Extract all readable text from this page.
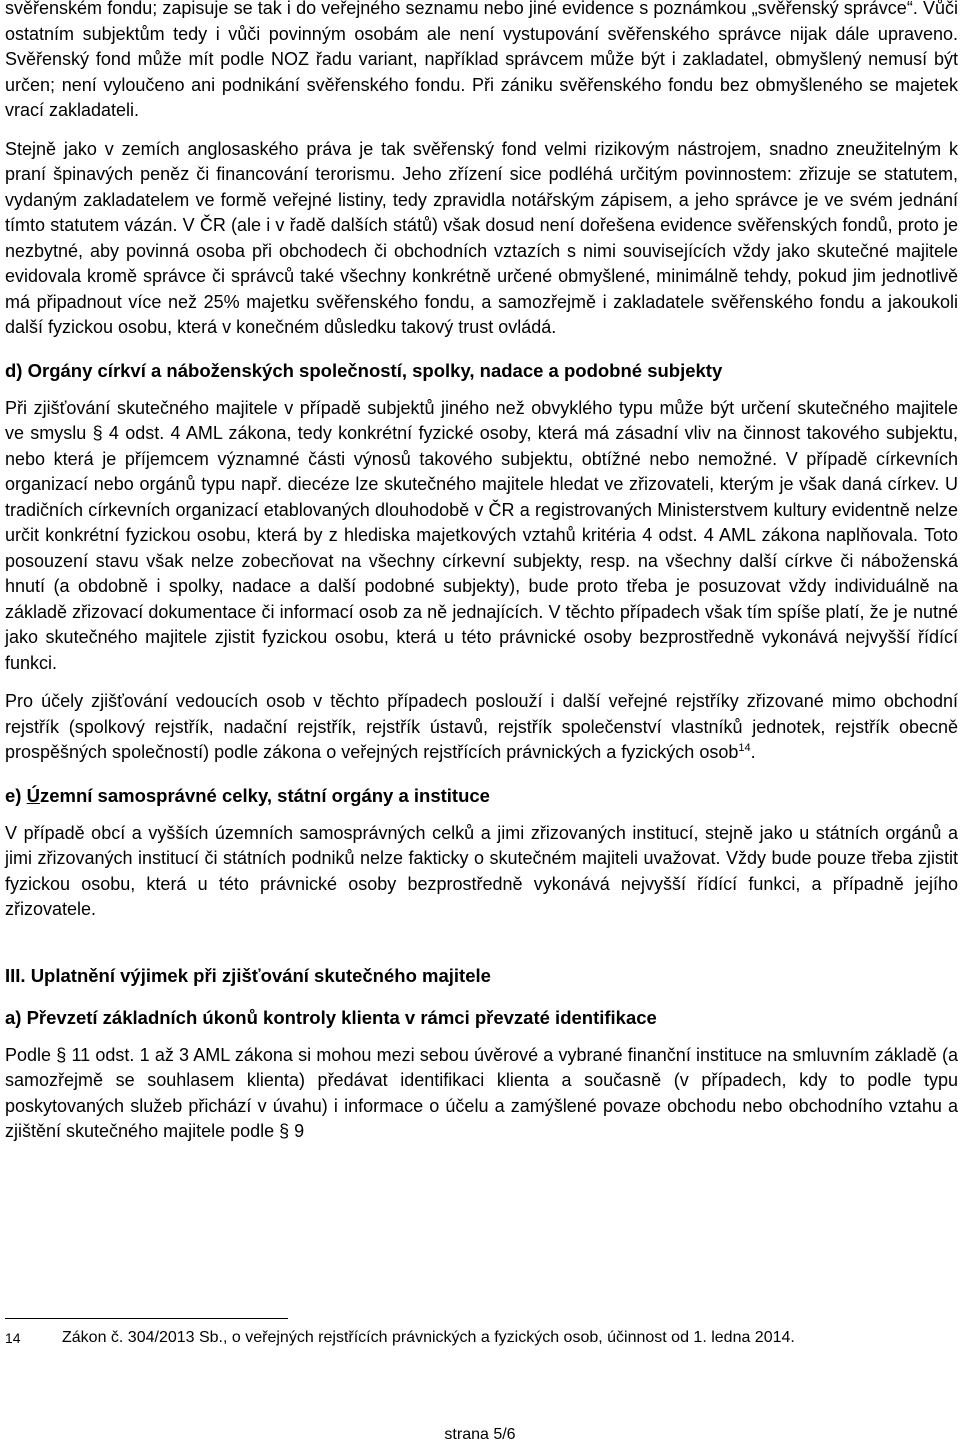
svěřenském fondu; zapisuje se tak i do veřejného seznamu nebo jiné evidence s poznámkou „svěřenský správce“. Vůči ostatním subjektům tedy i vůči povinným osobám ale není vystupování svěřenského správce nijak dále upraveno. Svěřenský fond může mít podle NOZ řadu variant, například správcem může být i zakladatel, obmyšlený nemusí být určen; není vyloučeno ani podnikání svěřenského fondu. Při zániku svěřenského fondu bez obmyšleného se majetek vrací zakladateli.

Stejně jako v zemích anglosaského práva je tak svěřenský fond velmi rizikovým nástrojem, snadno zneužitelným k praní špinavých peněz či financování terorismu. Jeho zřízení sice podléhá určitým povinnostem: zřizuje se statutem, vydaným zakladatelem ve formě veřejné listiny, tedy zpravidla notářským zápisem, a jeho správce je ve svém jednání tímto statutem vázán. V ČR (ale i v řadě dalších států) však dosud není dořešena evidence svěřenských fondů, proto je nezbytné, aby povinná osoba při obchodech či obchodních vztazích s nimi souvisejících vždy jako skutečné majitele evidovala kromě správce či správců také všechny konkrétně určené obmyšlené, minimálně tehdy, pokud jim jednotlivě má připadnout více než 25% majetku svěřenského fondu, a samozřejmě i zakladatele svěřenského fondu a jakoukoli další fyzickou osobu, která v konečném důsledku takový trust ovládá.

d) Orgány církví a náboženských společností, spolky, nadace a podobné subjekty

Při zjišťování skutečného majitele v případě subjektů jiného než obvyklého typu může být určení skutečného majitele ve smyslu § 4 odst. 4 AML zákona, tedy konkrétní fyzické osoby, která má zásadní vliv na činnost takového subjektu, nebo která je příjemcem významné části výnosů takového subjektu, obtížné nebo nemožné. V případě církevních organizací nebo orgánů typu např. diecéze lze skutečného majitele hledat ve zřizovateli, kterým je však daná církev. U tradičních církevních organizací etablovaných dlouhodobě v ČR a registrovaných Ministerstvem kultury evidentně nelze určit konkrétní fyzickou osobu, která by z hlediska majetkových vztahů kritéria 4 odst. 4 AML zákona naplňovala. Toto posouzení stavu však nelze zobecňovat na všechny církevní subjekty, resp. na všechny další církve či náboženská hnutí (a obdobně i spolky, nadace a další podobné subjekty), bude proto třeba je posuzovat vždy individuálně na základě zřizovací dokumentace či informací osob za ně jednajících. V těchto případech však tím spíše platí, že je nutné jako skutečného majitele zjistit fyzickou osobu, která u této právnické osoby bezprostředně vykonává nejvyšší řídící funkci.

Pro účely zjišťování vedoucích osob v těchto případech poslouží i další veřejné rejstříky zřizované mimo obchodní rejstřík (spolkový rejstřík, nadační rejstřík, rejstřík ústavů, rejstřík společenství vlastníků jednotek, rejstřík obecně prospěšných společností) podle zákona o veřejných rejstřících právnických a fyzických osob$^{14}$.

e) Územní samosprávné celky, státní orgány a instituce

V případě obcí a vyšších územních samosprávných celků a jimi zřizovaných institucí, stejně jako u státních orgánů a jimi zřizovaných institucí či státních podniků nelze fakticky o skutečném majiteli uvažovat. Vždy bude pouze třeba zjistit fyzickou osobu, která u této právnické osoby bezprostředně vykonává nejvyšší řídící funkci, a případně jejího zřizovatele.

III. Uplatnění výjimek při zjišťování skutečného majitele

a) Převzetí základních úkonů kontroly klienta v rámci převzaté identifikace

Podle § 11 odst. 1 až 3 AML zákona si mohou mezi sebou úvěrové a vybrané finanční instituce na smluvním základě (a samozřejmě se souhlasem klienta) předávat identifikaci klienta a současně (v případech, kdy to podle typu poskytovaných služeb přichází v úvahu) i informace o účelu a zamýšlené povaze obchodu nebo obchodního vztahu a zjištění skutečného majitele podle § 9

14	Zákon č. 304/2013 Sb., o veřejných rejstřících právnických a fyzických osob, účinnost od 1. ledna 2014.
strana 5/6
